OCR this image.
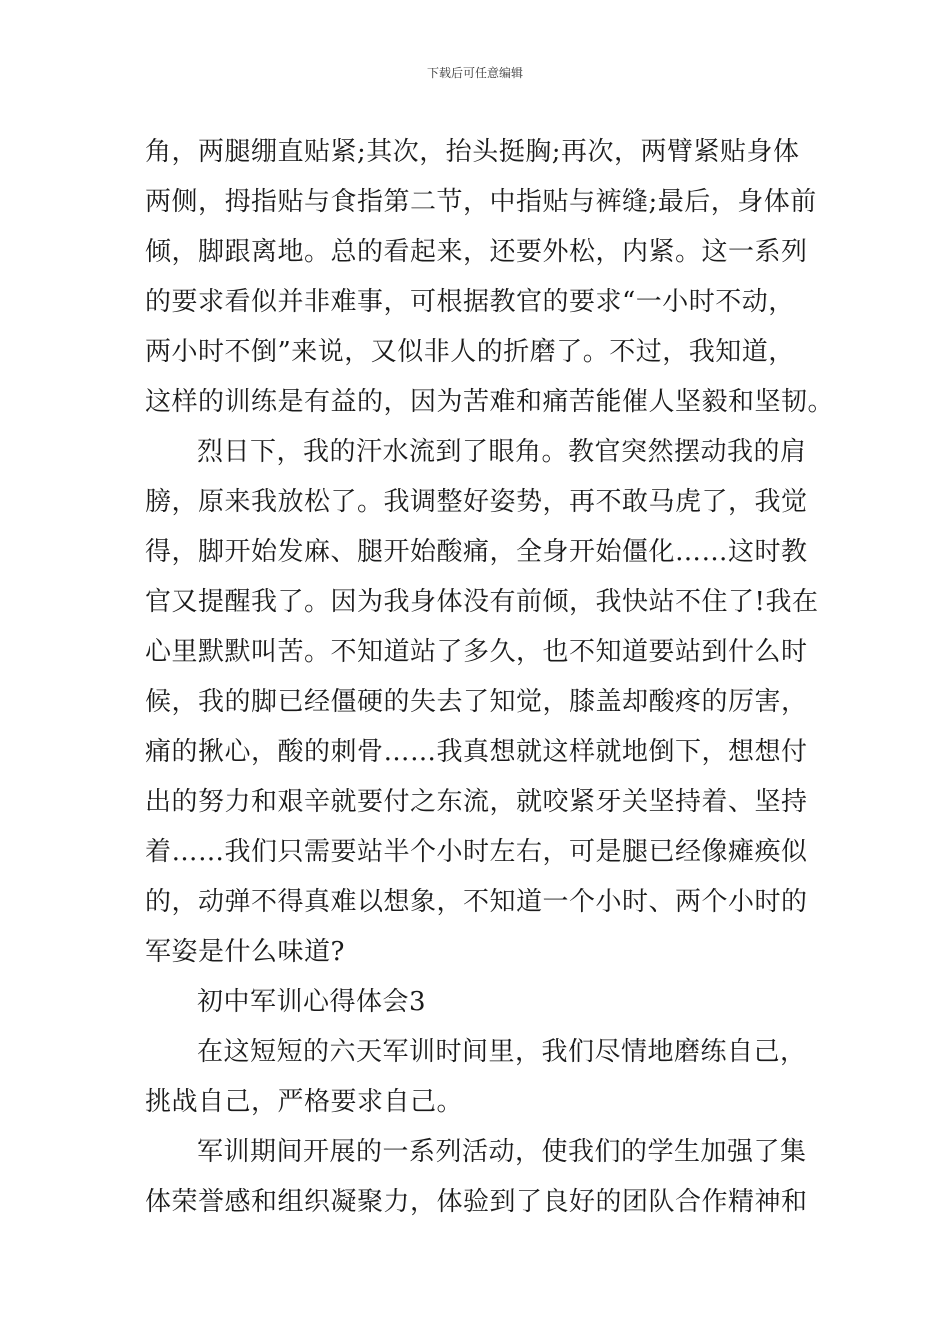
下载后可任意编辑
角，两腿绷直贴紧;其次，抬头挺胸;再次，两臂紧贴身体
两侧，拇指贴与食指第二节，中指贴与裤缝;最后，身体前
倾，脚跟离地。总的看起来，还要外松，内紧。这一系列
的要求看似并非难事，可根据教官的要求“一小时不动，
两小时不倒”来说，又似非人的折磨了。不过，我知道，
这样的训练是有益的，因为苦难和痛苦能催人坚毅和坚韧。
烈日下，我的汗水流到了眼角。教官突然摆动我的肩
膀，原来我放松了。我调整好姿势，再不敢马虎了，我觉
得，脚开始发麻、腿开始酸痛，全身开始僵化……这时教
官又提醒我了。因为我身体没有前倾，我快站不住了!我在
心里默默叫苦。不知道站了多久，也不知道要站到什么时
候，我的脚已经僵硬的失去了知觉，膝盖却酸疼的厉害，
痛的揪心，酸的刺骨……我真想就这样就地倒下，想想付
出的努力和艰辛就要付之东流，就咬紧牙关坚持着、坚持
着……我们只需要站半个小时左右，可是腿已经像瘫痪似
的，动弹不得真难以想象，不知道一个小时、两个小时的
军姿是什么味道?
初中军训心得体会3
在这短短的六天军训时间里，我们尽情地磨练自己，
挑战自己，严格要求自己。
军训期间开展的一系列活动，使我们的学生加强了集
体荣誉感和组织凝聚力，体验到了良好的团队合作精神和
